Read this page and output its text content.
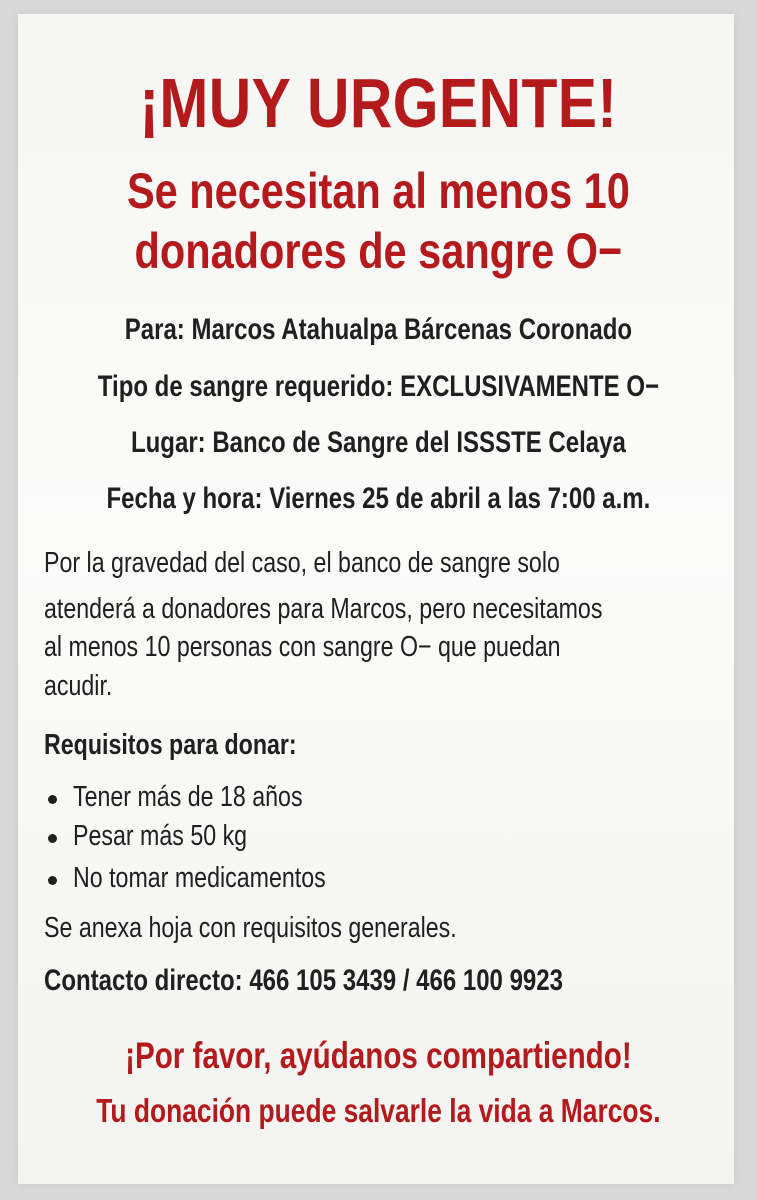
¡MUY URGENTE!
Se necesitan al menos 10
donadores de sangre O−
Para: Marcos Atahualpa Bárcenas Coronado
Tipo de sangre requerido: EXCLUSIVAMENTE O−
Lugar: Banco de Sangre del ISSSTE Celaya
Fecha y hora: Viernes 25 de abril a las 7:00 a.m.
Por la gravedad del caso, el banco de sangre solo
atenderá a donadores para Marcos, pero necesitamos
al menos 10 personas con sangre O− que puedan
acudir.
Requisitos para donar:
Tener más de 18 años
Pesar más 50 kg
No tomar medicamentos
Se anexa hoja con requisitos generales.
Contacto directo: 466 105 3439 / 466 100 9923
¡Por favor, ayúdanos compartiendo!
Tu donación puede salvarle la vida a Marcos.
